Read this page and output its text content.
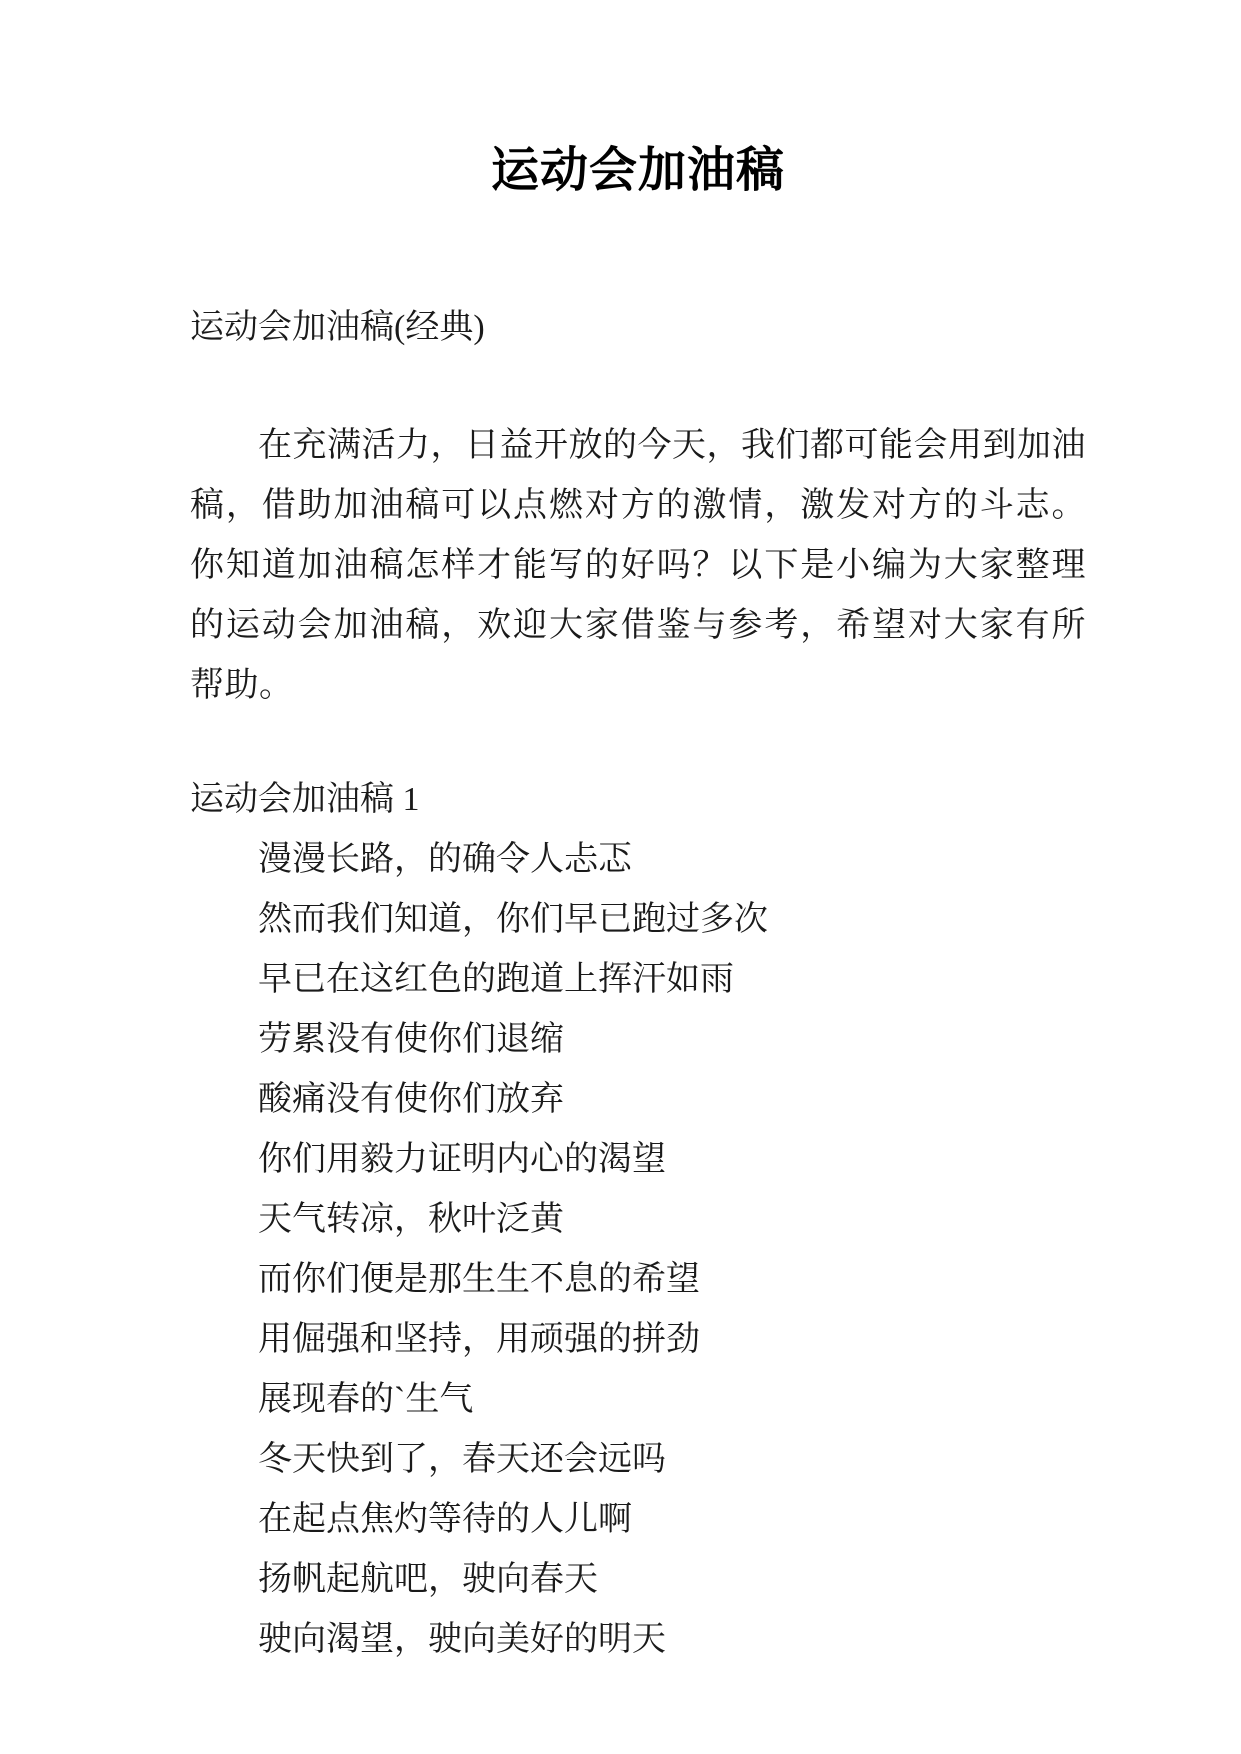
运动会加油稿
运动会加油稿(经典)
在充满活力，日益开放的今天，我们都可能会用到加油稿，借助加油稿可以点燃对方的激情，激发对方的斗志。你知道加油稿怎样才能写的好吗？以下是小编为大家整理的运动会加油稿，欢迎大家借鉴与参考，希望对大家有所帮助。
运动会加油稿 1
漫漫长路，的确令人忐忑
然而我们知道，你们早已跑过多次
早已在这红色的跑道上挥汗如雨
劳累没有使你们退缩
酸痛没有使你们放弃
你们用毅力证明内心的渴望
天气转凉，秋叶泛黄
而你们便是那生生不息的希望
用倔强和坚持，用顽强的拼劲
展现春的`生气
冬天快到了，春天还会远吗
在起点焦灼等待的人儿啊
扬帆起航吧，驶向春天
驶向渴望，驶向美好的明天
